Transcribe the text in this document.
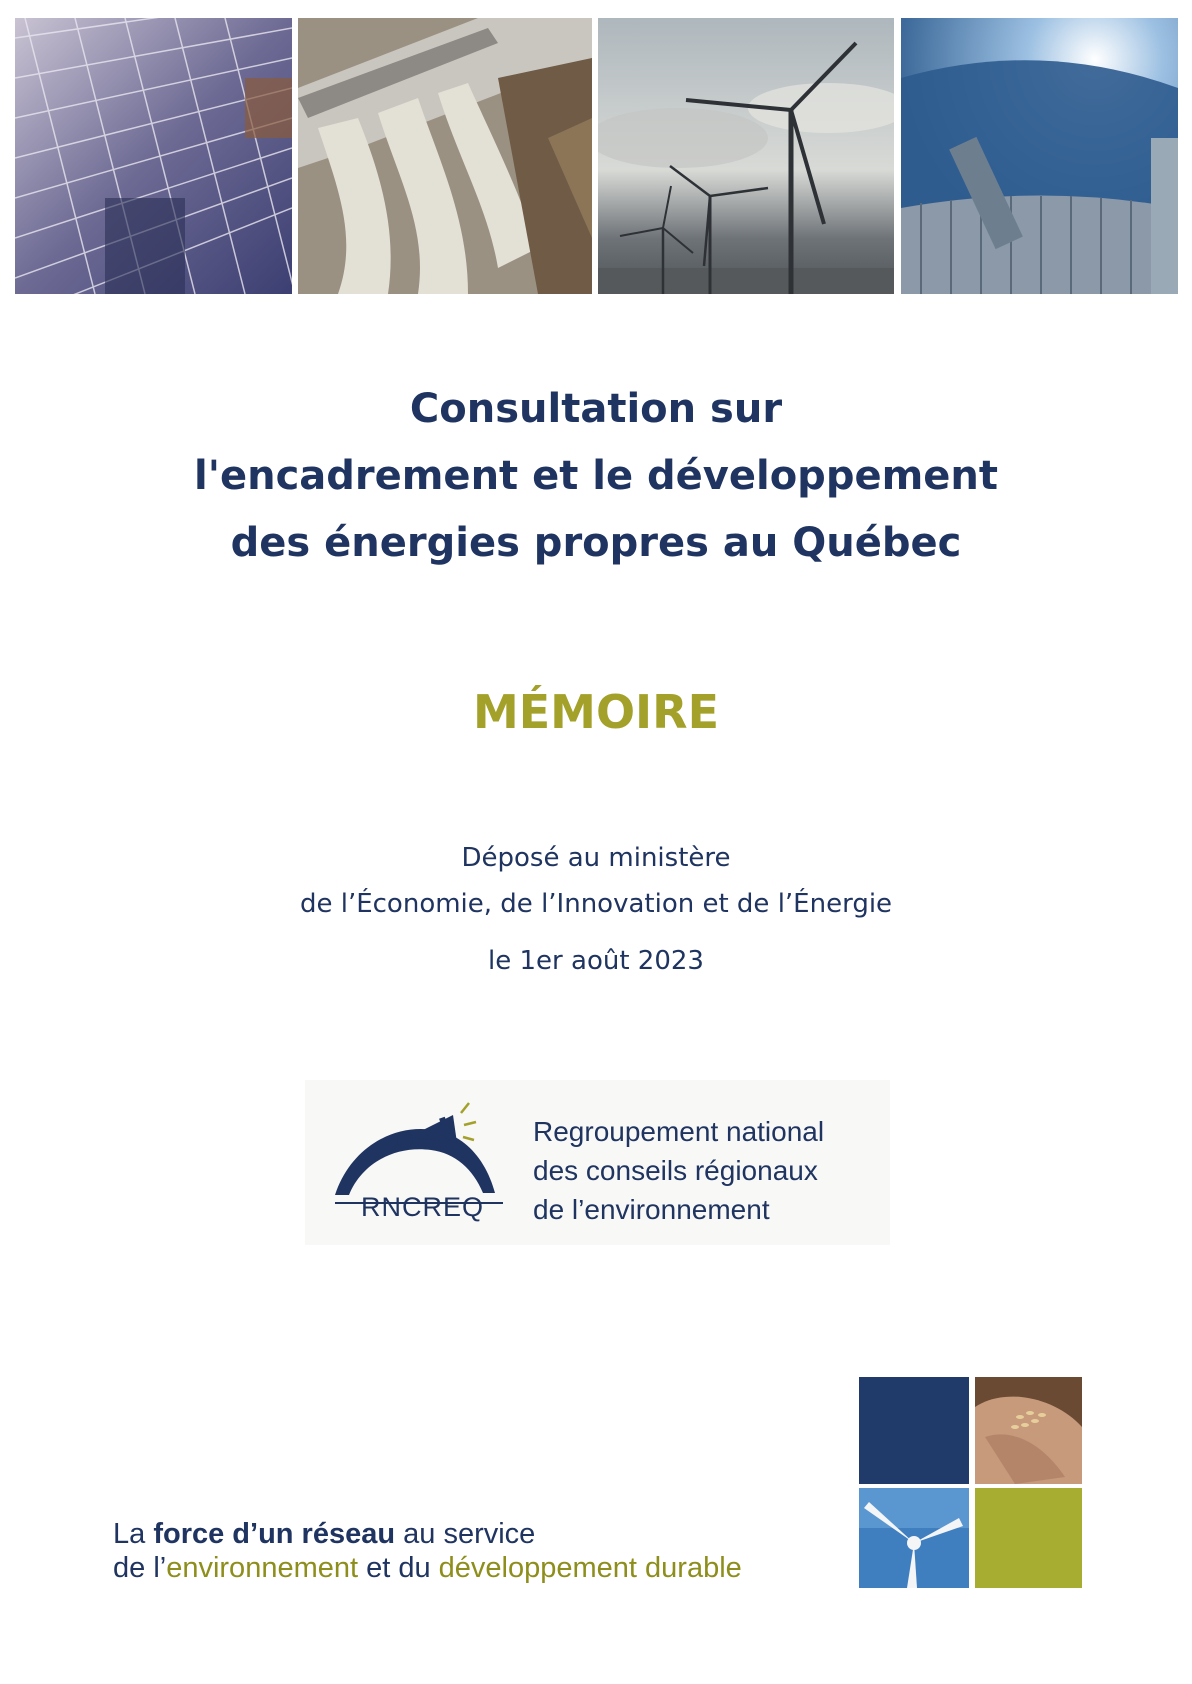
Consultation sur
l'encadrement et le développement
des énergies propres au Québec
MÉMOIRE
Déposé au ministère
de l’Économie, de l’Innovation et de l’Énergie
le 1er août 2023
RNCREQ
Regroupement national
des conseils régionaux
de l’environnement
La force d’un réseau au service
de l’environnement et du développement durable
